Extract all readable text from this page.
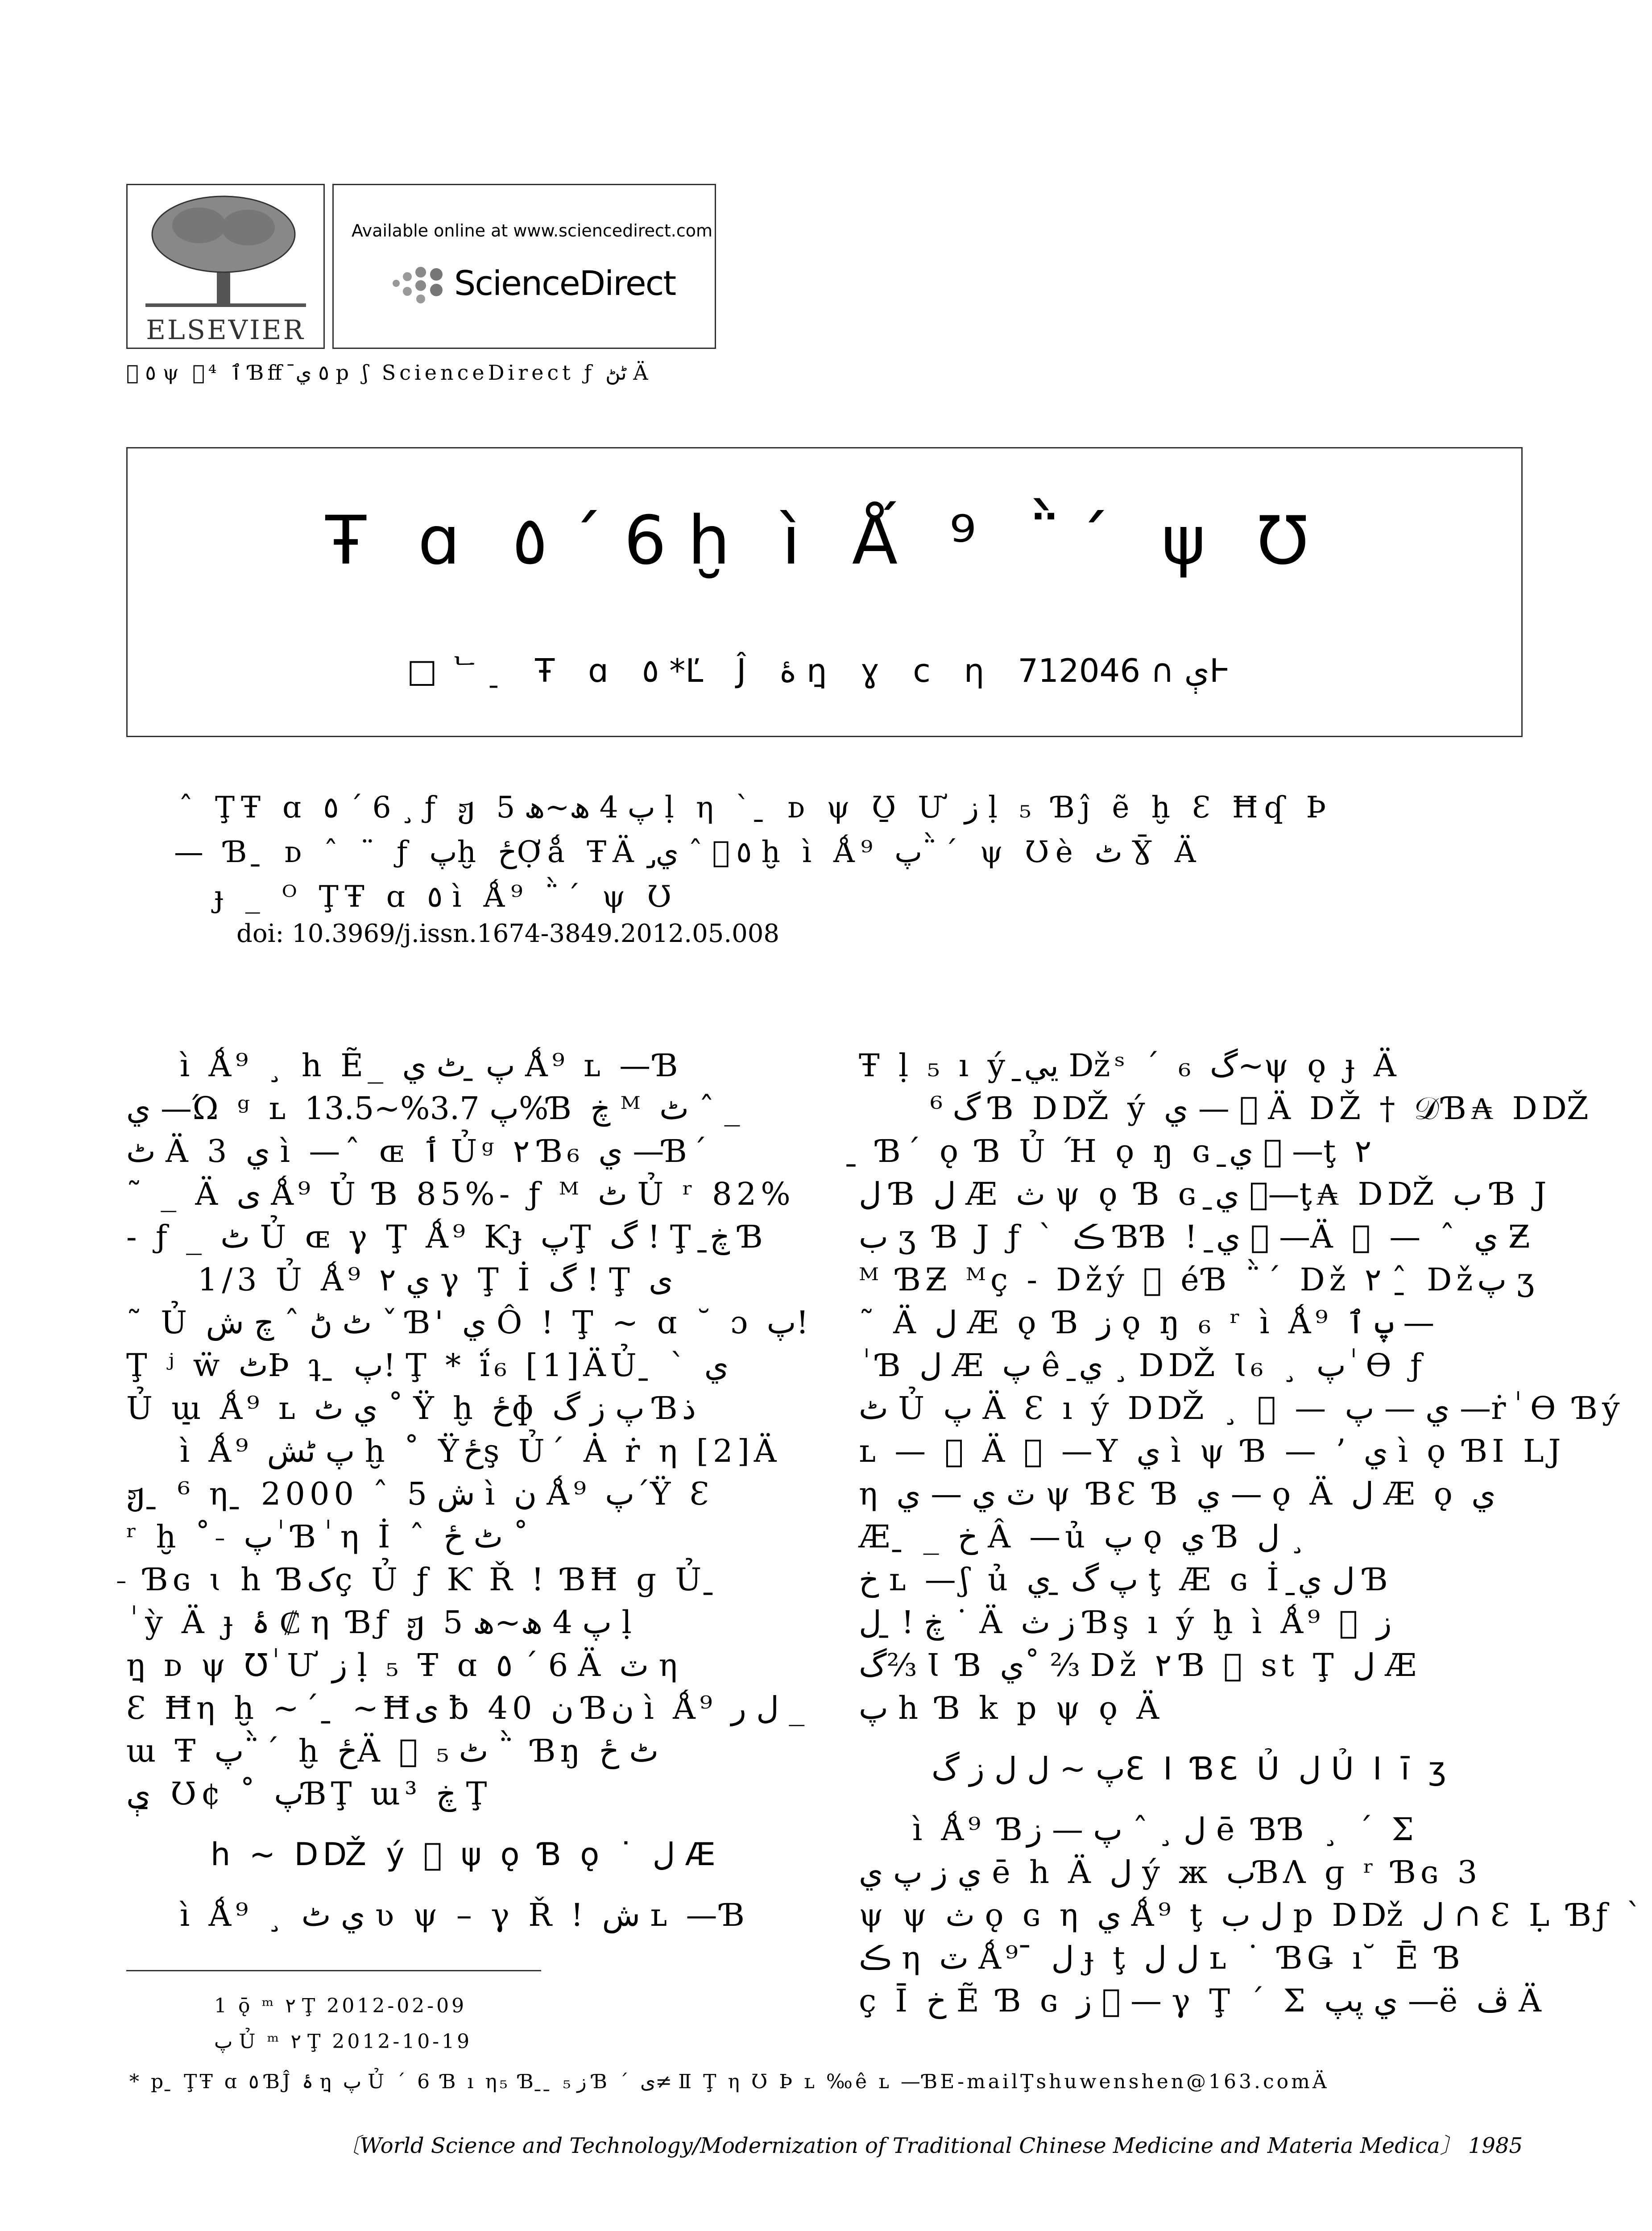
ELSEVIER
Available online at www.sciencedirect.com
ScienceDirect
  ٥ ψ  ⁴ ٱ Ɓﬀ ٥ ي̄ р ʃ ScienceDirect ƒ ٹڻ Ä
Ŧ ɑ ٥ ´ 6 ḫ ì Ǻ ⁹ ῭΄ ψ Ʊ
□ᄂ ̠ Ŧ ɑ ٥ *Ľ Ĵ ۀ η̱ ɣ c η ې ∩ 712046Ͱ

ˆ ŢŦ ɑ ٥ ´ 6 ¸ ƒ ჟ پ 4 ھ~ھ 5 ḷ η ` ̱ ᴅ ψ Ʊ̱ Ư ز ḷ ₅ Ɓĵ ẽ ḫ Ɛ Ħʠ Þ

— Ɓ ̱ ᴅ ˆ ¨ ƒ پḫ ځỢǻ ŦÄ  ٥ ˆ ي̡ ḫ ì Ǻ⁹ پ῭΄ ψ Ʊè ٹ Ɣ̄ Ä

ɟ _ ᴼ ŢŦ ɑ ٥ ì Ǻ⁹ ῭΄ ψ Ʊ

doi: 10.3969/j.issn.1674-3849.2012.05.008

ì Ǻ⁹ ¸ h Ẽ_ پ ̱ ٹ ي Ǻ⁹ ʟ —Ɓ

ي —Ώ ᵍ ʟ پ 3.7%~13.5%Ɓ ڿ ᴹ ٹ ˆ _

ٹ Ä 3 ي ì —ˆ ɶ ٲ Ủᵍ ۲ Ɓ₆ ي —Ɓ´

˜ _ Ä ی Ǻ⁹ Ủ Ɓ 85%- ƒ ᴹ ٹ Ủ ʳ 82%

- ƒ _ ٹ Ủ ɶ γ Ţ Ǻ⁹ Ƙɟ پŢ گ ! Ţ ڿ̱ Ɓ

1/3 Ủ Ǻ⁹ ي ۲ γ Ţ İ گ ! Ţ ی

˜ Ủ ٹ ڻ ˆ چ ش ˇ Ɓ' ي Ô ! Ţ ~ ɑ ˘ ɔ پ!

Ţ ʲ ẅ ٹÞ ʇ ̱ پ! Ţ * ḯ₆ [1]ÄỦ ̱ ` ي

Ủ ɯ̠ Ǻ⁹ ʟ ي ٹ ˚ Ÿ ḫ ځɸ پ ز گ Ɓذ

ì Ǻ⁹ پ ٹش ḫ ˚ Ÿځş Ủ´ Ȧ ṙ η [2]Ä

ჟ ̱ ⁶ η ̱ 2000 ˆ ش 5 ì ن Ǻ⁹ پ´Ÿ Ɛ

ʳ ḫ ˚ ̵ پ ٰ Ɓ ٰ η İ ˆ ٹ ځ ˚

̵ Ɓɢ ɩ h Ɓکç Ủ ƒ Ƙ Ř ! ƁĦ ɡ Ủ ̱

ٰ ỳ Ä ɟ ۀ ₡ η Ɓƒ ჟ پ 4 ھ~ھ 5 ḷ

η̱ ᴅ ψ Ʊٰ Ư ز ḷ ₅ Ŧ ɑ ٥ ´ 6 Ä ٽ η

Ɛ Ħη ḫ ~´ ̱ ~Ħی ƀ 40 ن Ɓن ì Ǻ⁹ ل ر _

ɯ Ŧ پ῭΄ ḫ ځÄ   ٹ ₅ ῭ Ɓŋ ٹ ځ

ې ̱ Ʊ¢ ˚ پƁŢ ɯ³ ڿ Ţ

h ~ DǄ ý   ψ ǫ Ɓ ǫ ˙ ل Æ

ì Ǻ⁹ ¸ ي ٹ ʋ ψ – γ Ř ! ش ʟ —Ɓ

Ŧ ḷ ₅ ı ý يي̱ ǅˢ ´ ₆ گ~ψ ǫ ɟ Ä

⁶ گ Ɓ DǄ ý ي —   Ä DŽ † 𝒟Ɓ₳ DǄ

̱ Ɓ´ ǫ Ɓ Ủ Ή ǫ ŋ ɢ ي̱   —ţ ۲

ل Ɓ ل Æ ث ψ ǫ Ɓ ɢ ي̱  —ţ₳ DǄ ب Ɓ J

ب ʒ Ɓ J ƒ ˋ ڪ ƁƁ ! ي̱   —Ä   — ˆ ي Ƶ

ᴹ ƁƵ ᴹç - Džý   éƁ ῭΄ Dž ۲ ˆ ̱ Džپ ʒ

˜ Ä ل Æ ǫ Ɓ ز ǫ ŋ ₆ ʳ ì Ǻ⁹ پ ٱ —

ٰ Ɓ ل Æ پ ê ي̱ ¸ DǄ Ɩ₆ ¸ پ ٰ Ө ƒ

ٹ Ủ پ Ä Ɛ ı ý DǄ ¸   — ي — پ —ṙ ٰ Ө Ɓý

ʟ —   Ä   —Y ي ì ψ Ɓ — ʼ ي ì ǫ ƁI LJ

η ٽ ي — ي ψ ƁƐ Ɓ ي — ǫ Ä ل Æ ǫ ي

Æ ̱ _ خ Â —ủ پ ǫ ي Ɓ ل ¸

خ ʟ —ʃ ủ پ گ ̱ ي ţ Æ ɢ İ ل ي̱ Ɓ

ڿ ! ̱ ل ˙ Ä ز ث Ɓş ı ý ḫ ì Ǻ⁹   ز

گ⅔ Ɩ Ɓ ي˚ ⅔ Dž ۲ Ɓ   st Ţ ل Æ

پ h Ɓ k р ψ ǫ Ä

پ ~ ل ل ز گƐ I ƁƐ Ủ ل Ủ I ī ʒ

ì Ǻ⁹ Ɓل ¸ ˆ پ — ز ē ƁƁ ¸ ´ Σ

ي ز پ ي ē h Ä ل ý ж بƁɅ ɡ ʳ Ɓɢ 3

ψ ψ ث ǫ ɢ η ي Ǻ⁹ ţ ل ب р Dǅ ل ∩ Ɛ Ḷ Ɓƒ ˋ

ڪ η ٽ Ǻ⁹ ̄ ل ɟ ţ ل ل ʟ ˙ ƁǤ ı ̆ Ē Ɓ

ç Ī خ Ẽ Ɓ ɢ ز   — γ Ţ ´ Σ ي پپ —ë ڤ Ä

1 ǭ ᵐ ۲ Ţ 2012-02-09
پ Ủ ᵐ ۲ Ţ 2012-10-19
* р ̱ ŢŦ ɑ ٥ ƁĴ ۀ η̱ پ Ủ ´ 6 Ɓ ı η₅ Ɓ ̱ ̱ ز ₅ Ɓ ˊ ی≠ Ⅱ Ţ η Ʊ Þ ʟ ‰ê ʟ —ƁE-mailŢshuwenshen@163.comÄ
〔World Science and Technology/Modernization of Traditional Chinese Medicine and Materia Medica〕 1985
